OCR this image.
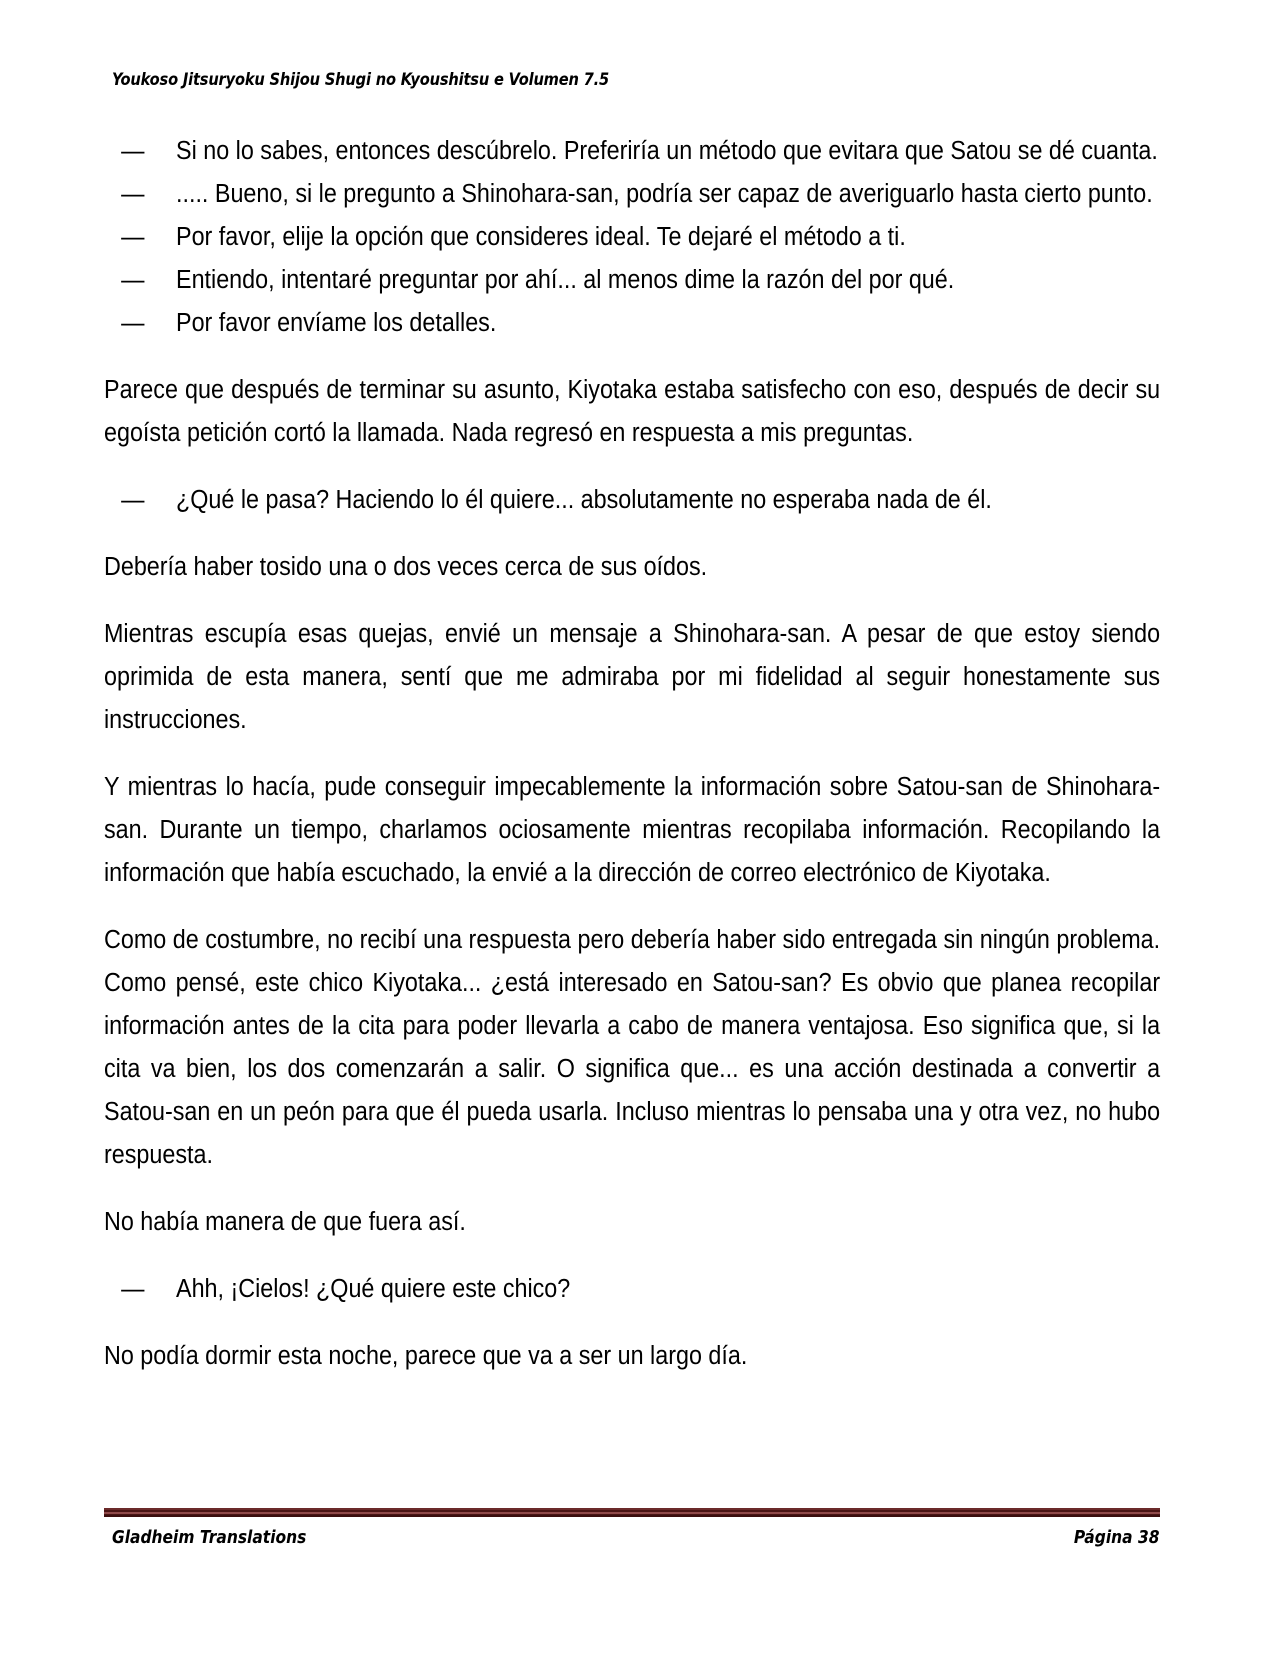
Youkoso Jitsuryoku Shijou Shugi no Kyoushitsu e Volumen 7.5

— Si no lo sabes, entonces descúbrelo. Preferiría un método que evitara que Satou se dé cuanta.

— ..... Bueno, si le pregunto a Shinohara-san, podría ser capaz de averiguarlo hasta cierto punto.

— Por favor, elije la opción que consideres ideal. Te dejaré el método a ti.

— Entiendo, intentaré preguntar por ahí... al menos dime la razón del por qué.

— Por favor envíame los detalles.

Parece que después de terminar su asunto, Kiyotaka estaba satisfecho con eso, después de decir su egoísta petición cortó la llamada. Nada regresó en respuesta a mis preguntas.

— ¿Qué le pasa? Haciendo lo él quiere... absolutamente no esperaba nada de él.

Debería haber tosido una o dos veces cerca de sus oídos.

Mientras escupía esas quejas, envié un mensaje a Shinohara-san. A pesar de que estoy siendo oprimida de esta manera, sentí que me admiraba por mi fidelidad al seguir honestamente sus instrucciones.

Y mientras lo hacía, pude conseguir impecablemente la información sobre Satou-san de Shinohara-san. Durante un tiempo, charlamos ociosamente mientras recopilaba información. Recopilando la información que había escuchado, la envié a la dirección de correo electrónico de Kiyotaka.

Como de costumbre, no recibí una respuesta pero debería haber sido entregada sin ningún problema. Como pensé, este chico Kiyotaka... ¿está interesado en Satou-san? Es obvio que planea recopilar información antes de la cita para poder llevarla a cabo de manera ventajosa. Eso significa que, si la cita va bien, los dos comenzarán a salir. O significa que... es una acción destinada a convertir a Satou-san en un peón para que él pueda usarla. Incluso mientras lo pensaba una y otra vez, no hubo respuesta.

No había manera de que fuera así.

— Ahh, ¡Cielos! ¿Qué quiere este chico?

No podía dormir esta noche, parece que va a ser un largo día.

Gladheim Translations	Página 38
